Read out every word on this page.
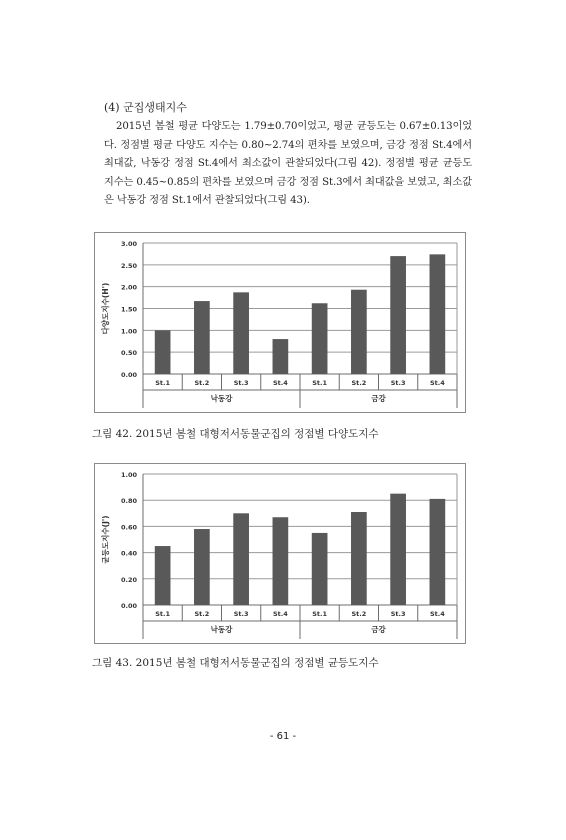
(4) 군집생태지수
2015년 봄철 평균 다양도는 1.79±0.70이었고, 평균 균등도는 0.67±0.13이었다. 정점별 평균 다양도 지수는 0.80~2.74의 편차를 보였으며, 금강 정점 St.4에서 최대값, 낙동강 정점 St.4에서 최소값이 관찰되었다(그림 42). 정점별 평균 균등도 지수는 0.45~0.85의 편차를 보였으며 금강 정점 St.3에서 최대값을 보였고, 최소값은 낙동강 정점 St.1에서 관찰되었다(그림 43).
0.00
0.50
1.00
1.50
2.00
2.50
3.00
St.1	St.2	St.3	St.4	St.1	St.2	St.3	St.4
낙동강	금강
다양도지수(H')
그림 42. 2015년 봄철 대형저서동물군집의 정점별 다양도지수
0.00
0.20
0.40
0.60
0.80
1.00
St.1	St.2	St.3	St.4	St.1	St.2	St.3	St.4
낙동강	금강
균등도지수(J')
그림 43. 2015년 봄철 대형저서동물군집의 정점별 균등도지수
- 61 -
